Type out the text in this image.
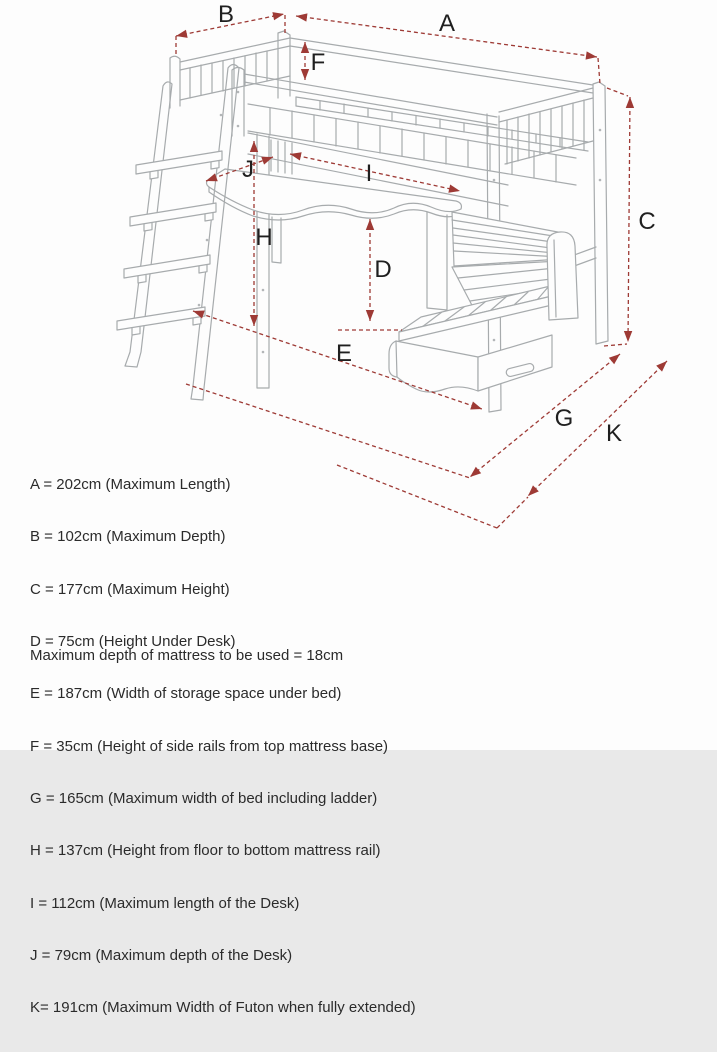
A
B
C
D
E
F
G
H
I
J
K

A = 202cm (Maximum Length)

B = 102cm (Maximum Depth)

C = 177cm (Maximum Height)

D = 75cm (Height Under Desk)

E = 187cm (Width of storage space under bed)

F = 35cm (Height of side rails from top mattress base)

G = 165cm (Maximum width of bed including ladder)

H = 137cm (Height from floor to bottom mattress rail)

I = 112cm (Maximum length of the Desk)

J = 79cm (Maximum depth of the Desk)

K= 191cm (Maximum Width of Futon when fully extended)

Maximum depth of mattress to be used = 18cm
